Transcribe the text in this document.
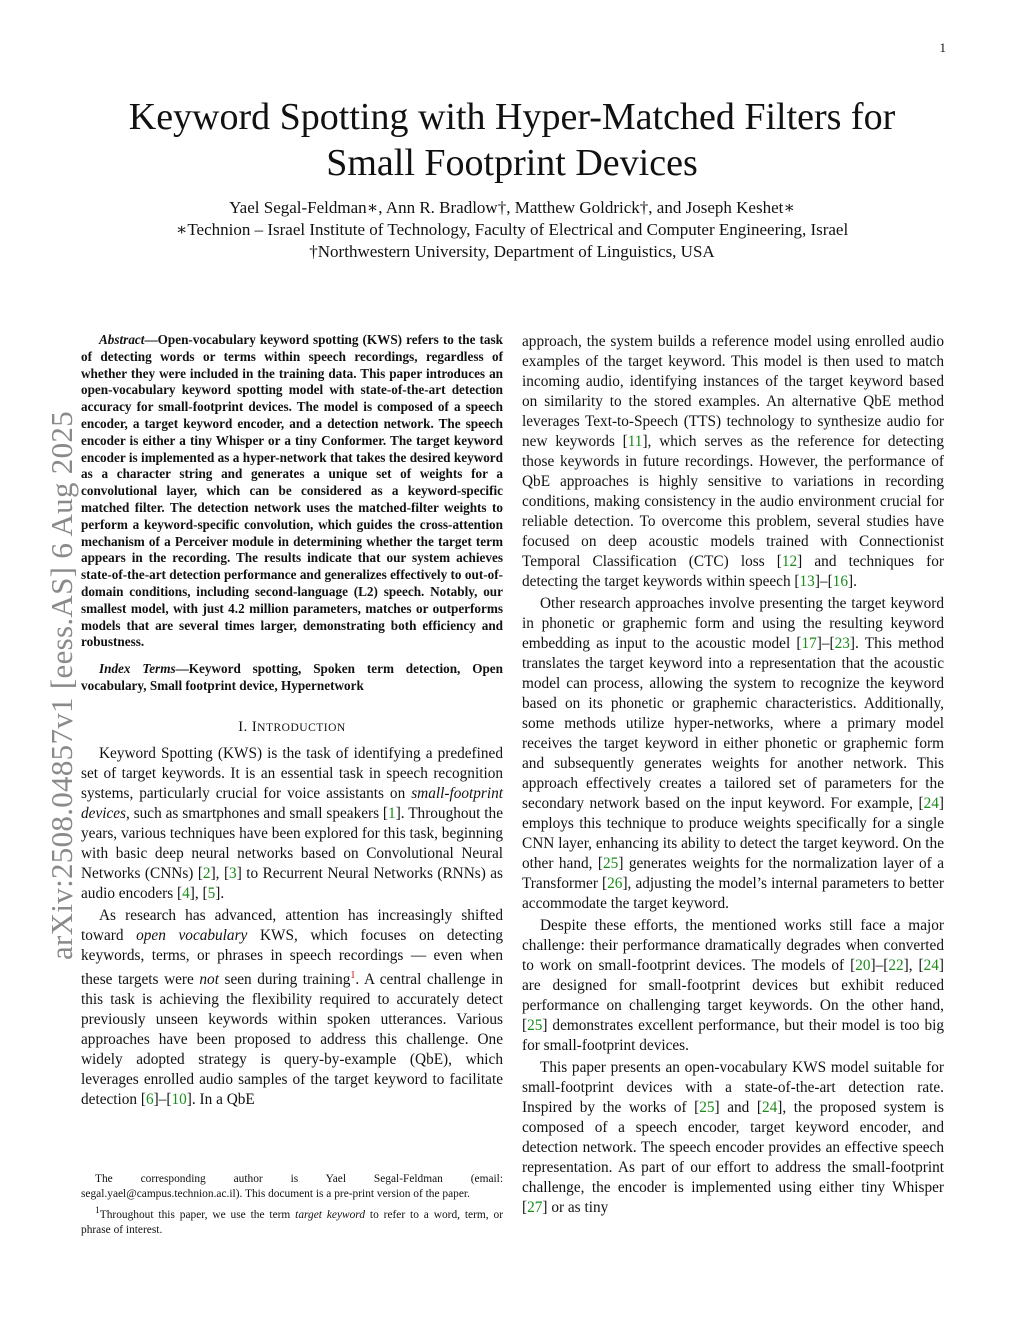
1
arXiv:2508.04857v1 [eess.AS] 6 Aug 2025
Keyword Spotting with Hyper-Matched Filters for
Small Footprint Devices
Yael Segal-Feldman∗, Ann R. Bradlow†, Matthew Goldrick†, and Joseph Keshet∗
∗Technion – Israel Institute of Technology, Faculty of Electrical and Computer Engineering, Israel
†Northwestern University, Department of Linguistics, USA

Abstract—Open-vocabulary keyword spotting (KWS) refers to the task of detecting words or terms within speech recordings, regardless of whether they were included in the training data. This paper introduces an open-vocabulary keyword spotting model with state-of-the-art detection accuracy for small-footprint devices. The model is composed of a speech encoder, a target keyword encoder, and a detection network. The speech encoder is either a tiny Whisper or a tiny Conformer. The target keyword encoder is implemented as a hyper-network that takes the desired keyword as a character string and generates a unique set of weights for a convolutional layer, which can be considered as a keyword-specific matched filter. The detection network uses the matched-filter weights to perform a keyword-specific convolution, which guides the cross-attention mechanism of a Perceiver module in determining whether the target term appears in the recording. The results indicate that our system achieves state-of-the-art detection performance and generalizes effectively to out-of-domain conditions, including second-language (L2) speech. Notably, our smallest model, with just 4.2 million parameters, matches or outperforms models that are several times larger, demonstrating both efficiency and robustness.

Index Terms—Keyword spotting, Spoken term detection, Open vocabulary, Small footprint device, Hypernetwork

I. INTRODUCTION

Keyword Spotting (KWS) is the task of identifying a predefined set of target keywords. It is an essential task in speech recognition systems, particularly crucial for voice assistants on small-footprint devices, such as smartphones and small speakers [1]. Throughout the years, various techniques have been explored for this task, beginning with basic deep neural networks based on Convolutional Neural Networks (CNNs) [2], [3] to Recurrent Neural Networks (RNNs) as audio encoders [4], [5].

As research has advanced, attention has increasingly shifted toward open vocabulary KWS, which focuses on detecting keywords, terms, or phrases in speech recordings — even when these targets were not seen during training$^1$. A central challenge in this task is achieving the flexibility required to accurately detect previously unseen keywords within spoken utterances. Various approaches have been proposed to address this challenge. One widely adopted strategy is query-by-example (QbE), which leverages enrolled audio samples of the target keyword to facilitate detection [6]–[10]. In a QbE

The corresponding author is Yael Segal-Feldman (email: segal.yael@campus.technion.ac.il). This document is a pre-print version of the paper.

$^1$Throughout this paper, we use the term target keyword to refer to a word, term, or phrase of interest.

approach, the system builds a reference model using enrolled audio examples of the target keyword. This model is then used to match incoming audio, identifying instances of the target keyword based on similarity to the stored examples. An alternative QbE method leverages Text-to-Speech (TTS) technology to synthesize audio for new keywords [11], which serves as the reference for detecting those keywords in future recordings. However, the performance of QbE approaches is highly sensitive to variations in recording conditions, making consistency in the audio environment crucial for reliable detection. To overcome this problem, several studies have focused on deep acoustic models trained with Connectionist Temporal Classification (CTC) loss [12] and techniques for detecting the target keywords within speech [13]–[16].

Other research approaches involve presenting the target keyword in phonetic or graphemic form and using the resulting keyword embedding as input to the acoustic model [17]–[23]. This method translates the target keyword into a representation that the acoustic model can process, allowing the system to recognize the keyword based on its phonetic or graphemic characteristics. Additionally, some methods utilize hyper-networks, where a primary model receives the target keyword in either phonetic or graphemic form and subsequently generates weights for another network. This approach effectively creates a tailored set of parameters for the secondary network based on the input keyword. For example, [24] employs this technique to produce weights specifically for a single CNN layer, enhancing its ability to detect the target keyword. On the other hand, [25] generates weights for the normalization layer of a Transformer [26], adjusting the model’s internal parameters to better accommodate the target keyword.

Despite these efforts, the mentioned works still face a major challenge: their performance dramatically degrades when converted to work on small-footprint devices. The models of [20]–[22], [24] are designed for small-footprint devices but exhibit reduced performance on challenging target keywords. On the other hand, [25] demonstrates excellent performance, but their model is too big for small-footprint devices.

This paper presents an open-vocabulary KWS model suitable for small-footprint devices with a state-of-the-art detection rate. Inspired by the works of [25] and [24], the proposed system is composed of a speech encoder, target keyword encoder, and detection network. The speech encoder provides an effective speech representation. As part of our effort to address the small-footprint challenge, the encoder is implemented using either tiny Whisper [27] or as tiny
